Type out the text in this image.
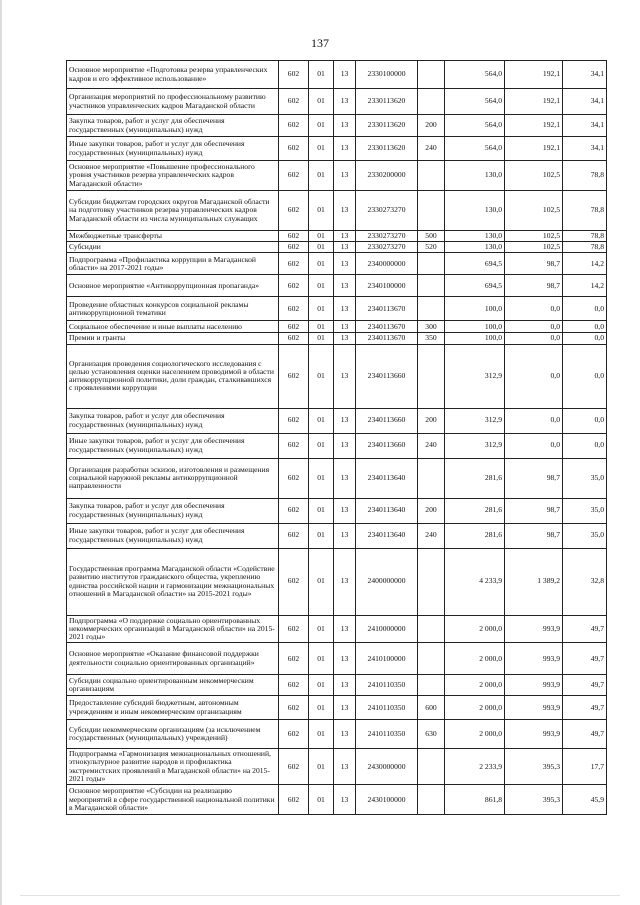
137
Основное мероприятие «Подготовка резерва управленческих кадров и его эффективное использование»	602	01	13	2330100000		564,0	192,1	34,1
Организация мероприятий по профессиональному развитию участников управленческих кадров Магаданской области	602	01	13	2330113620		564,0	192,1	34,1
Закупка товаров, работ и услуг для обеспечения государственных (муниципальных) нужд	602	01	13	2330113620	200	564,0	192,1	34,1
Иные закупки товаров, работ и услуг для обеспечения государственных (муниципальных) нужд	602	01	13	2330113620	240	564,0	192,1	34,1
Основное мероприятие «Повышение профессионального уровня участников резерва управленческих кадров Магаданской области»	602	01	13	2330200000		130,0	102,5	78,8
Субсидии бюджетам городских округов Магаданской области на подготовку участников резерва управленческих кадров Магаданской области из числа муниципальных служащих	602	01	13	2330273270		130,0	102,5	78,8
Межбюджетные трансферты	602	01	13	2330273270	500	130,0	102,5	78,8
Субсидии	602	01	13	2330273270	520	130,0	102,5	78,8
Подпрограмма «Профилактика коррупции в Магаданской области» на 2017-2021 годы»	602	01	13	2340000000		694,5	98,7	14,2
Основное мероприятие «Антикоррупционная пропаганда»	602	01	13	2340100000		694,5	98,7	14,2
Проведение областных конкурсов социальной рекламы антикоррупционной тематики	602	01	13	2340113670		100,0	0,0	0,0
Социальное обеспечение и иные выплаты населению	602	01	13	2340113670	300	100,0	0,0	0,0
Премии и гранты	602	01	13	2340113670	350	100,0	0,0	0,0
Организация проведения социологического исследования с целью установления оценки населением проводимой в области антикоррупционной политики, доли граждан, сталкивавшихся с проявлениями коррупции	602	01	13	2340113660		312,9	0,0	0,0
Закупка товаров, работ и услуг для обеспечения государственных (муниципальных) нужд	602	01	13	2340113660	200	312,9	0,0	0,0
Иные закупки товаров, работ и услуг для обеспечения государственных (муниципальных) нужд	602	01	13	2340113660	240	312,9	0,0	0,0
Организация разработки эскизов, изготовления и размещения социальной наружной рекламы антикоррупционной направленности	602	01	13	2340113640		281,6	98,7	35,0
Закупка товаров, работ и услуг для обеспечения государственных (муниципальных) нужд	602	01	13	2340113640	200	281,6	98,7	35,0
Иные закупки товаров, работ и услуг для обеспечения государственных (муниципальных) нужд	602	01	13	2340113640	240	281,6	98,7	35,0
Государственная программа Магаданской области «Содействие развитию институтов гражданского общества, укреплению единства российской нации и гармонизации межнациональных отношений в Магаданской области» на 2015-2021 годы»	602	01	13	2400000000		4 233,9	1 389,2	32,8
Подпрограмма «О поддержке социально ориентированных некоммерческих организаций в Магаданской области» на 2015-2021 годы»	602	01	13	2410000000		2 000,0	993,9	49,7
Основное мероприятие «Оказание финансовой поддержки деятельности социально ориентированных организаций»	602	01	13	2410100000		2 000,0	993,9	49,7
Субсидии социально ориентированным некоммерческим организациям	602	01	13	2410110350		2 000,0	993,9	49,7
Предоставление субсидий бюджетным, автономным учреждениям и иным некоммерческим организациям	602	01	13	2410110350	600	2 000,0	993,9	49,7
Субсидии некоммерческим организациям (за исключением государственных (муниципальных) учреждений)	602	01	13	2410110350	630	2 000,0	993,9	49,7
Подпрограмма «Гармонизация межнациональных отношений, этнокультурное развитие народов и профилактика экстремистских проявлений в Магаданской области» на 2015-2021 годы»	602	01	13	2430000000		2 233,9	395,3	17,7
Основное мероприятие «Субсидии на реализацию мероприятий в сфере государственной национальной политики в Магаданской области»	602	01	13	2430100000		861,8	395,3	45,9
